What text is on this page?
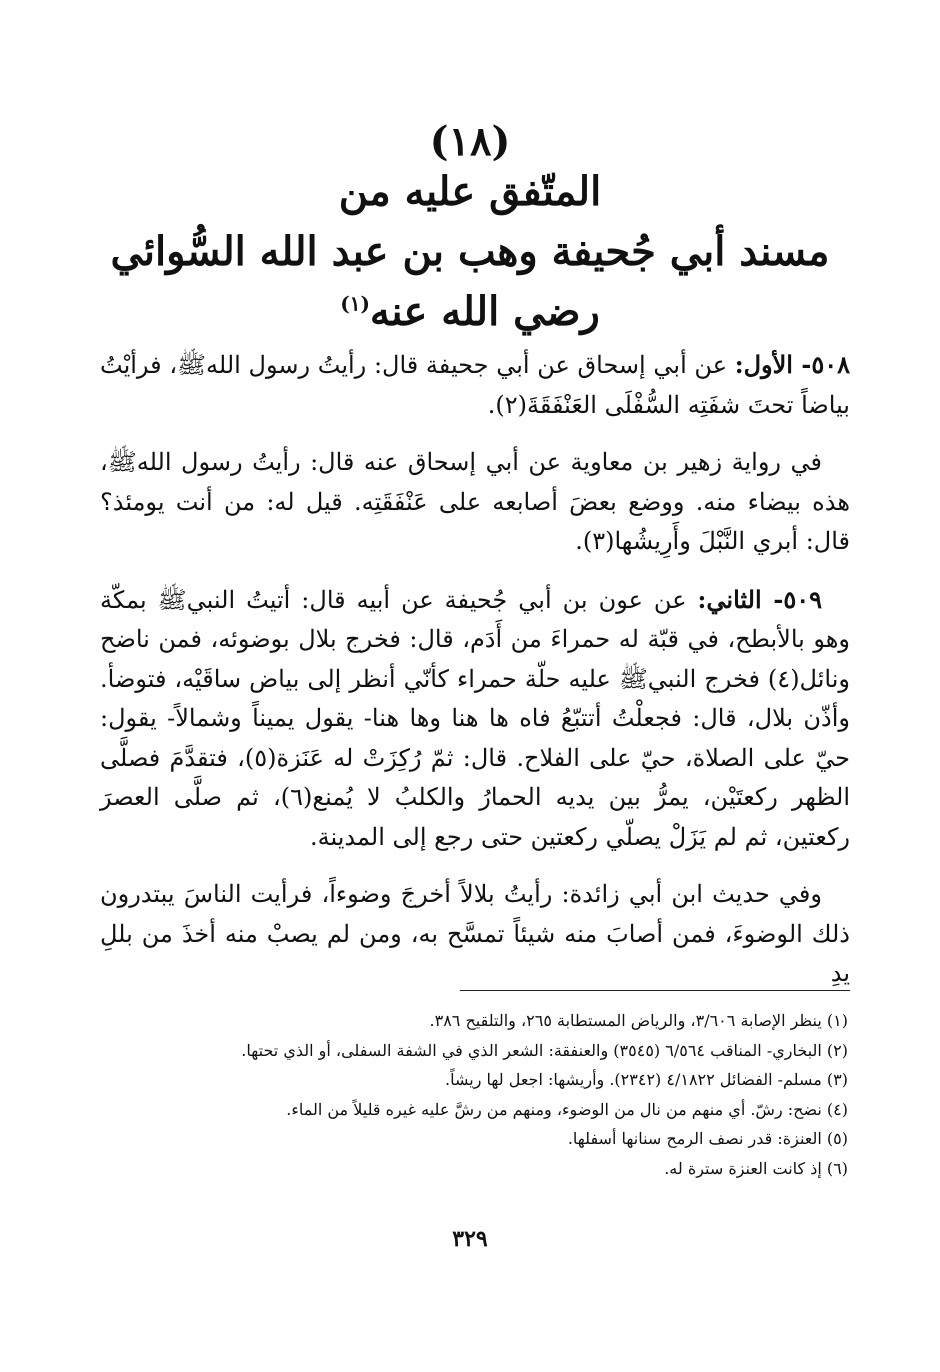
(١٨)
المتّفق عليه من
مسند أبي جُحيفة وهب بن عبد الله السُّوائي
رضي الله عنه$^{(١)}$

٥٠٨- الأول: عن أبي إسحاق عن أبي جحيفة قال: رأيتُ رسول اللهﷺ، فرأيْتُ بياضاً تحتَ شفَتِه السُّفْلَى العَنْفَقَةَ(٢).

في رواية زهير بن معاوية عن أبي إسحاق عنه قال: رأيتُ رسول اللهﷺ، هذه بيضاء منه. ووضع بعضَ أصابعه على عَنْفَقَتِه. قيل له: من أنت يومئذ؟ قال: أبري النَّبْلَ وأَرِيشُها(٣).

٥٠٩- الثاني: عن عون بن أبي جُحيفة عن أبيه قال: أتيتُ النبيﷺ بمكّة وهو بالأبطح، في قبّة له حمراءَ من أَدَم، قال: فخرج بلال بوضوئه، فمن ناضح ونائل(٤) فخرج النبيﷺ عليه حلّة حمراء كأنّي أنظر إلى بياض ساقَيْه، فتوضأ. وأذّن بلال، قال: فجعلْتُ أتتبّعُ فاه ها هنا وها هنا- يقول يميناً وشمالاً- يقول: حيّ على الصلاة، حيّ على الفلاح. قال: ثمّ رُكِزَتْ له عَنَزة(٥)، فتقدَّمَ فصلَّى الظهر ركعتَيْن، يمرُّ بين يديه الحمارُ والكلبُ لا يُمنع(٦)، ثم صلَّى العصرَ ركعتين، ثم لم يَزَلْ يصلّي ركعتين حتى رجع إلى المدينة.

وفي حديث ابن أبي زائدة: رأيتُ بلالاً أخرجَ وضوءاً، فرأيت الناسَ يبتدرون ذلك الوضوءَ، فمن أصابَ منه شيئاً تمسَّح به، ومن لم يصبْ منه أخذَ من بللِ يدِ

(١) ينظر الإصابة ٣/٦٠٦، والرياض المستطابة ٢٦٥، والتلقيح ٣٨٦.
(٢) البخاري- المناقب ٦/٥٦٤ (٣٥٤٥) والعنفقة: الشعر الذي في الشفة السفلى، أو الذي تحتها.
(٣) مسلم- الفضائل ٤/١٨٢٢ (٢٣٤٢). وأريشها: اجعل لها ريشاً.
(٤) نضح: رشّ. أي منهم من نال من الوضوء، ومنهم من رشَّ عليه غيره قليلاً من الماء.
(٥) العنزة: قدر نصف الرمح سنانها أسفلها.
(٦) إذ كانت العنزة سترة له.
٣٢٩
